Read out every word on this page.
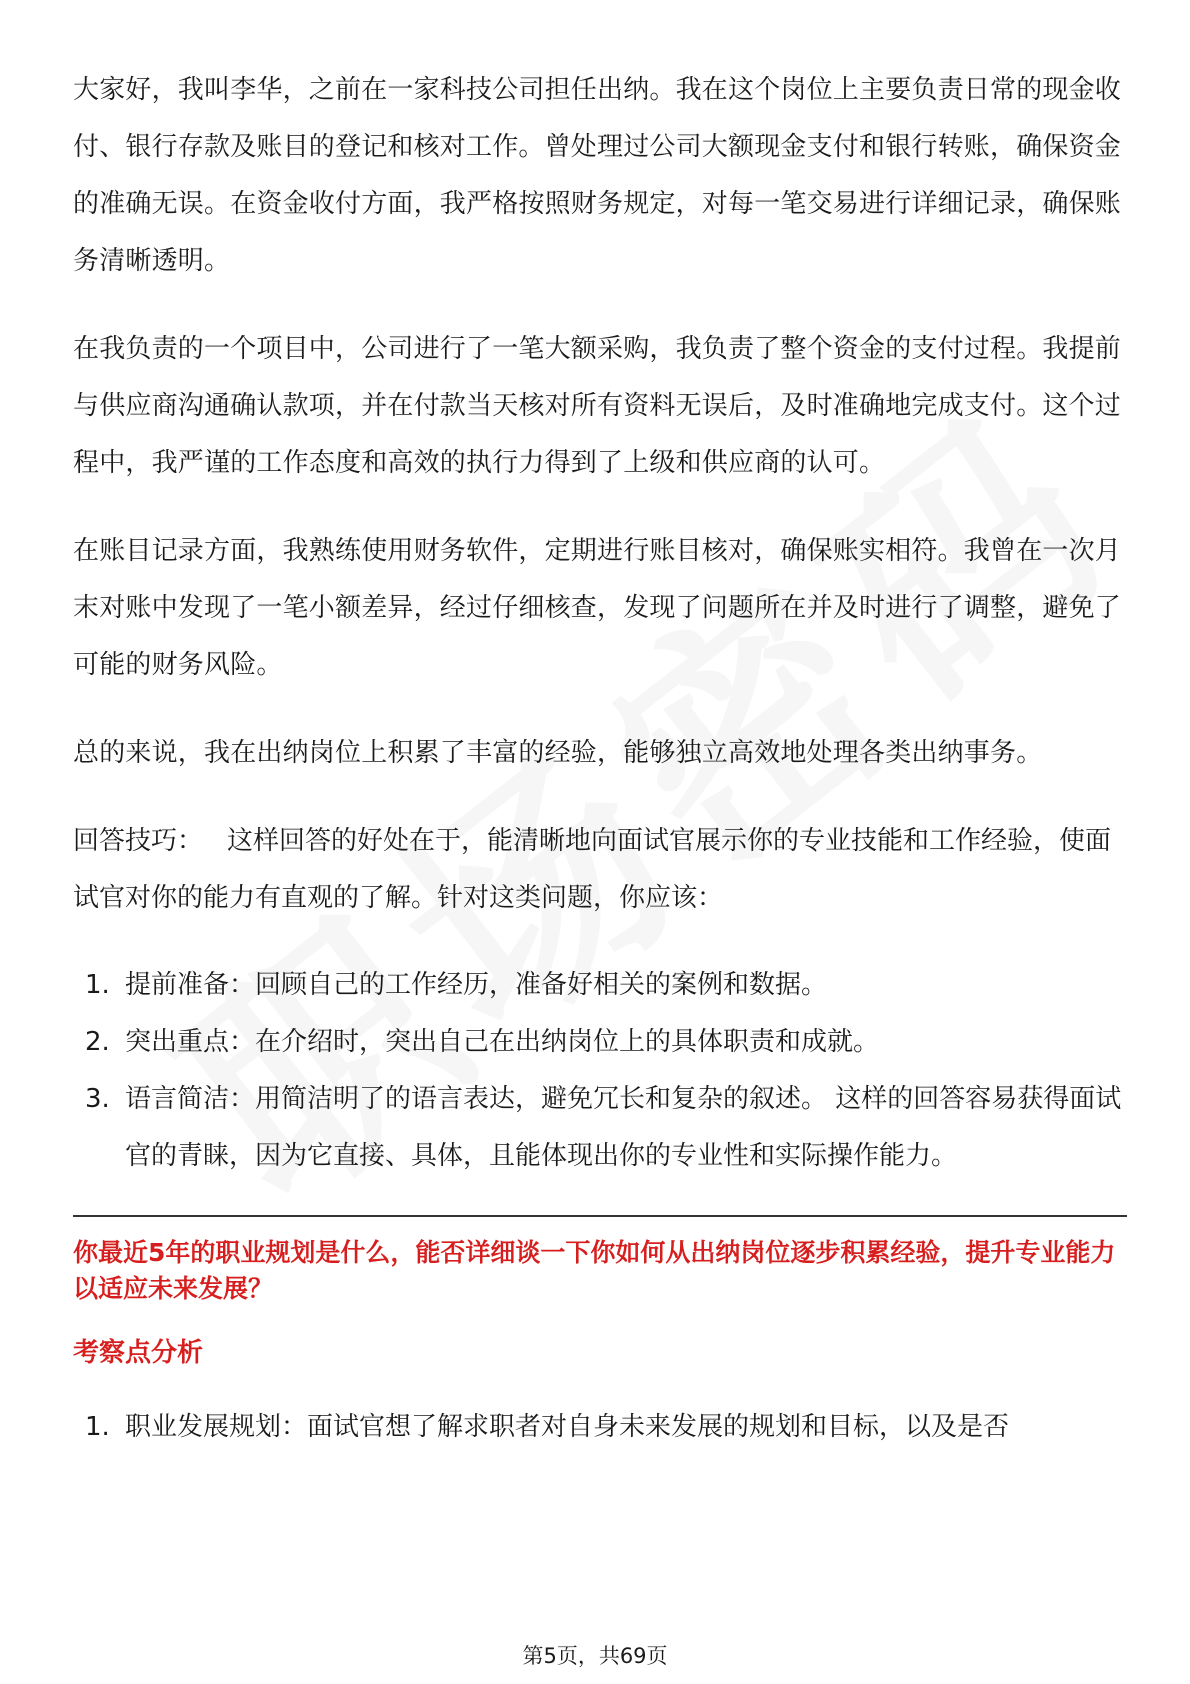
大家好，我叫李华，之前在一家科技公司担任出纳。我在这个岗位上主要负责日常的现金收付、银行存款及账目的登记和核对工作。曾处理过公司大额现金支付和银行转账，确保资金的准确无误。在资金收付方面，我严格按照财务规定，对每一笔交易进行详细记录，确保账务清晰透明。

在我负责的一个项目中，公司进行了一笔大额采购，我负责了整个资金的支付过程。我提前与供应商沟通确认款项，并在付款当天核对所有资料无误后，及时准确地完成支付。这个过程中，我严谨的工作态度和高效的执行力得到了上级和供应商的认可。

在账目记录方面，我熟练使用财务软件，定期进行账目核对，确保账实相符。我曾在一次月末对账中发现了一笔小额差异，经过仔细核查，发现了问题所在并及时进行了调整，避免了可能的财务风险。

总的来说，我在出纳岗位上积累了丰富的经验，能够独立高效地处理各类出纳事务。

回答技巧： 这样回答的好处在于，能清晰地向面试官展示你的专业技能和工作经验，使面试官对你的能力有直观的了解。针对这类问题，你应该：

1. 提前准备：回顾自己的工作经历，准备好相关的案例和数据。
2. 突出重点：在介绍时，突出自己在出纳岗位上的具体职责和成就。
3. 语言简洁：用简洁明了的语言表达，避免冗长和复杂的叙述。 这样的回答容易获得面试官的青睐，因为它直接、具体，且能体现出你的专业性和实际操作能力。
你最近5年的职业规划是什么，能否详细谈一下你如何从出纳岗位逐步积累经验，提升专业能力以适应未来发展？
考察点分析
1. 职业发展规划：面试官想了解求职者对自身未来发展的规划和目标，以及是否
第5页，共69页
